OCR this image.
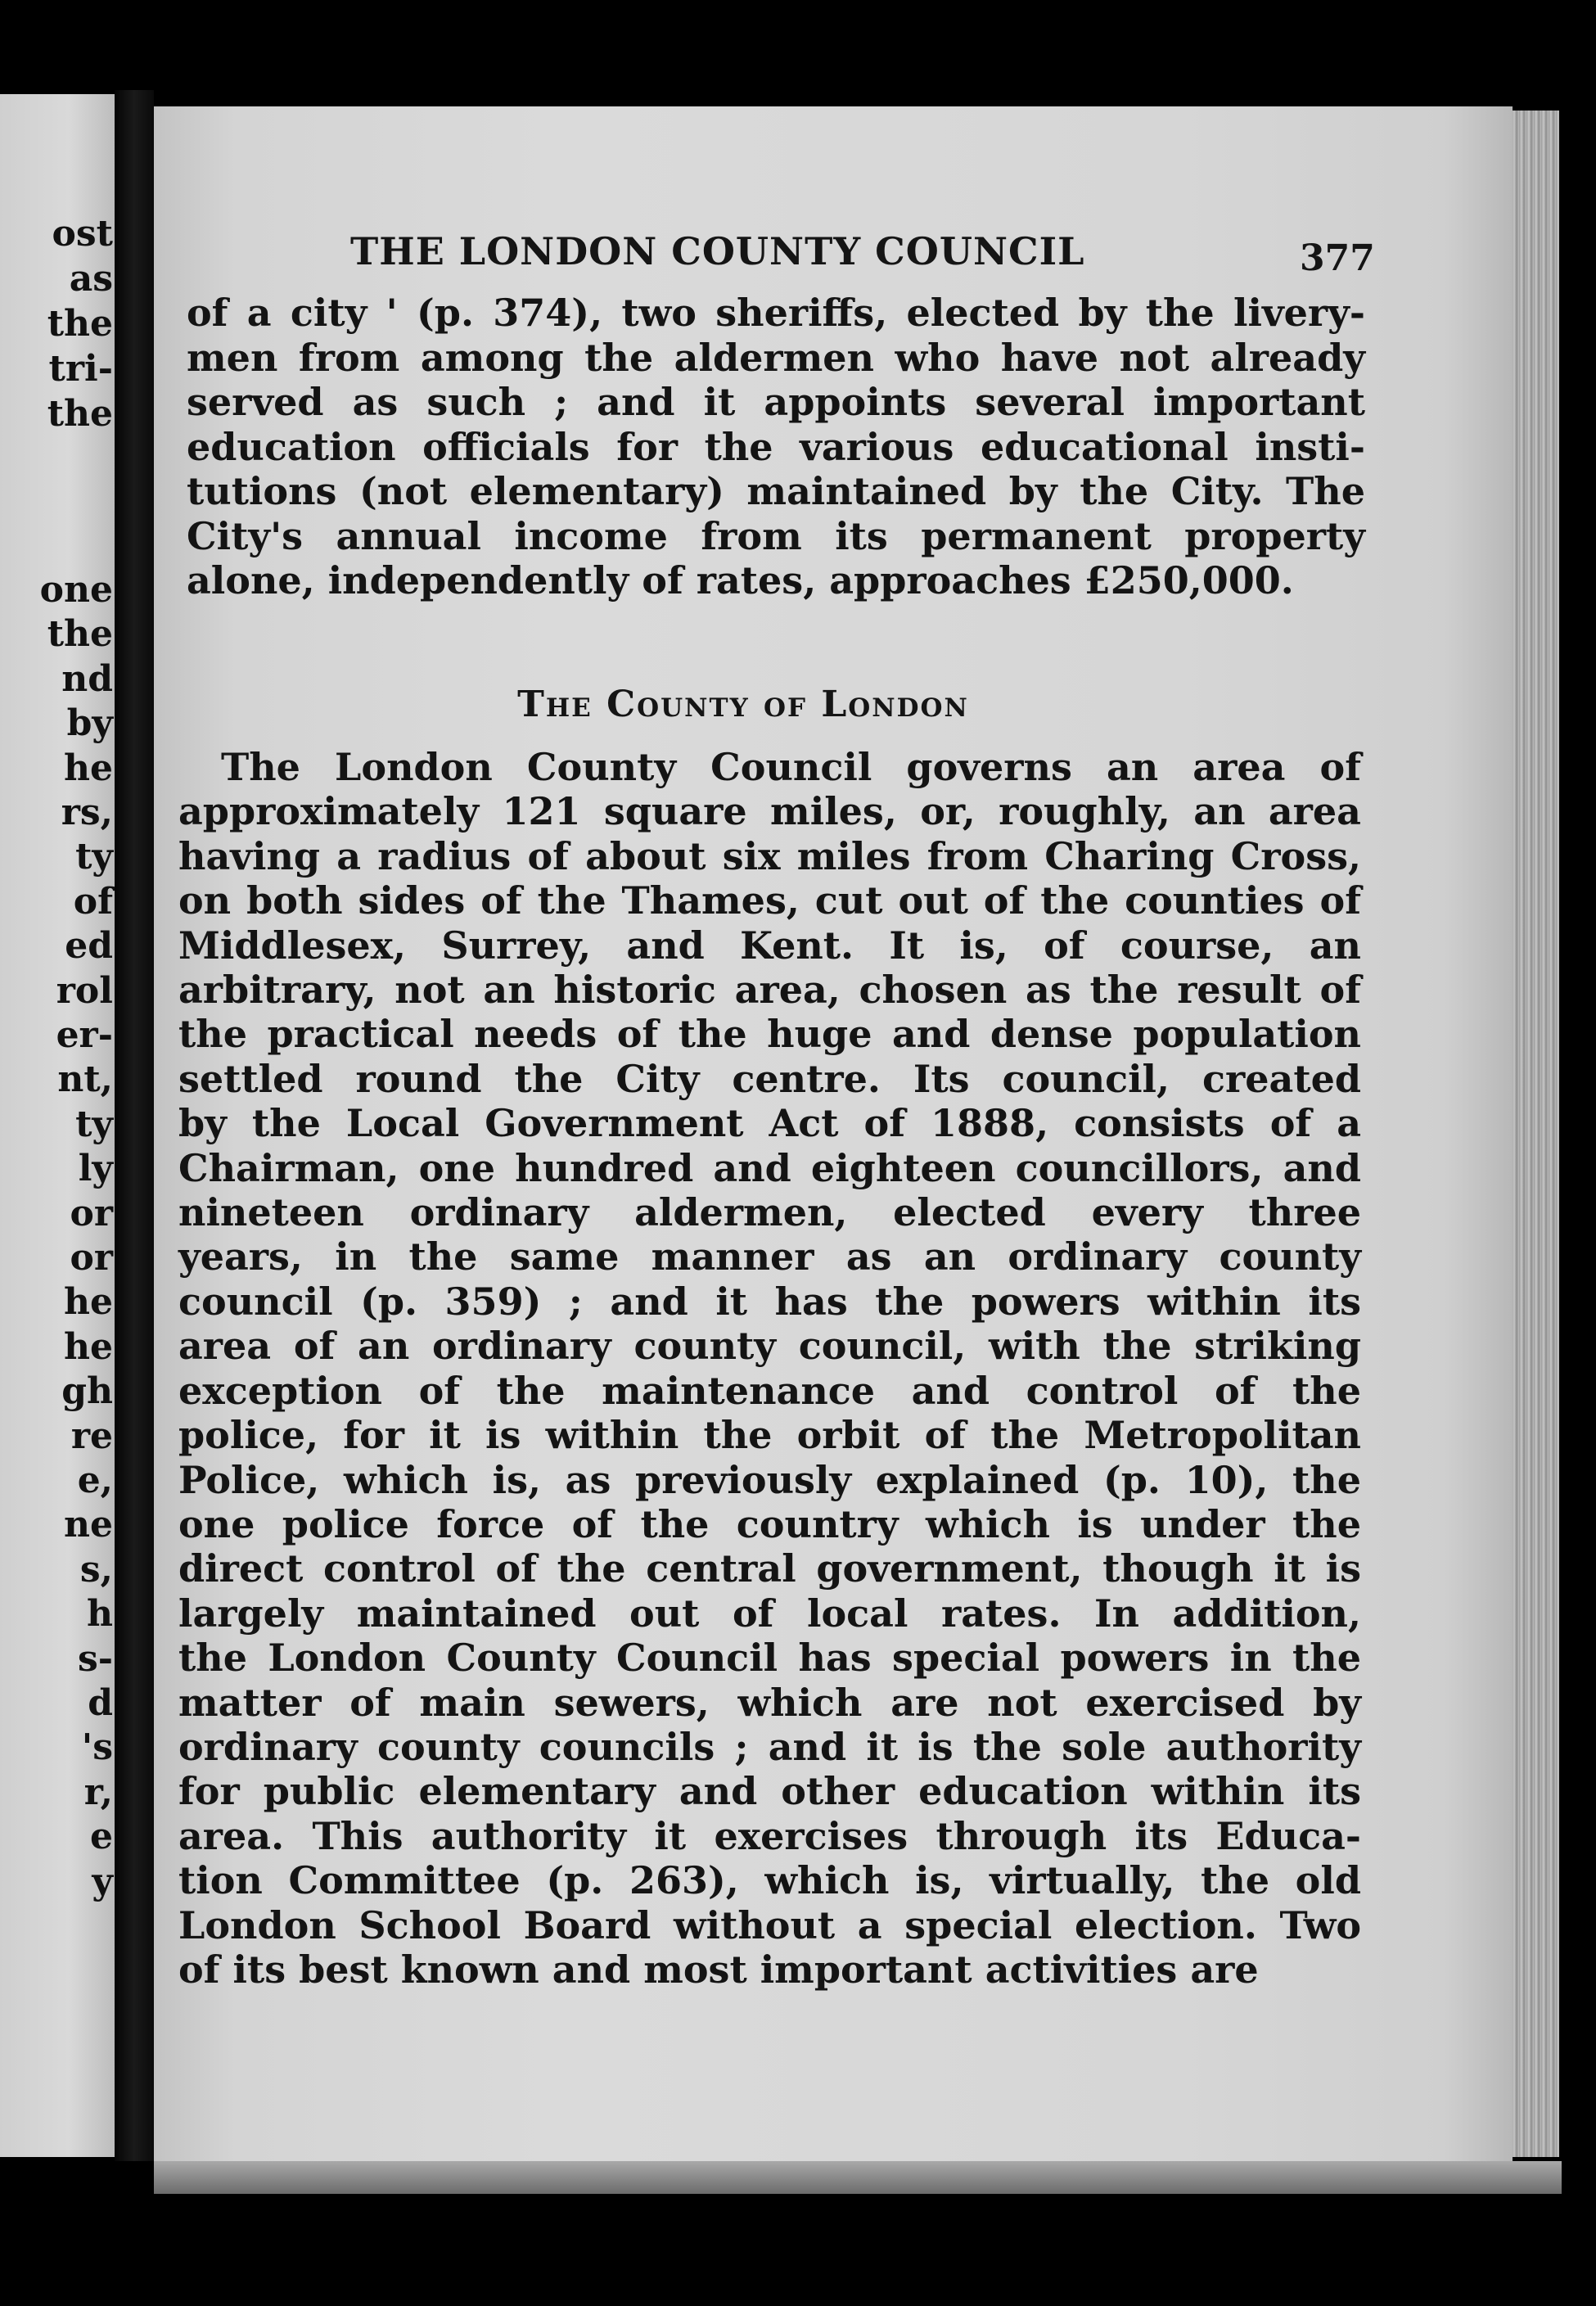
ost
as
the
tri-
the
one
the
nd
by
he
rs,
ty
of
ed
rol
er-
nt,
ty
ly
or
or
he
he
gh
re
e,
ne
s,
h
s-
d
's
r,
e
y
THE LONDON COUNTY COUNCIL	377
of a city ' (p. 374), two sheriffs, elected by the livery-
men from among the aldermen who have not already
served as such ; and it appoints several important
education officials for the various educational insti-
tutions (not elementary) maintained by the City. The
City's annual income from its permanent property
alone, independently of rates, approaches £250,000.
The County of London
The London County Council governs an area of
approximately 121 square miles, or, roughly, an area
having a radius of about six miles from Charing Cross,
on both sides of the Thames, cut out of the counties of
Middlesex, Surrey, and Kent. It is, of course, an
arbitrary, not an historic area, chosen as the result of
the practical needs of the huge and dense population
settled round the City centre. Its council, created
by the Local Government Act of 1888, consists of a
Chairman, one hundred and eighteen councillors, and
nineteen ordinary aldermen, elected every three
years, in the same manner as an ordinary county
council (p. 359) ; and it has the powers within its
area of an ordinary county council, with the striking
exception of the maintenance and control of the
police, for it is within the orbit of the Metropolitan
Police, which is, as previously explained (p. 10), the
one police force of the country which is under the
direct control of the central government, though it is
largely maintained out of local rates. In addition,
the London County Council has special powers in the
matter of main sewers, which are not exercised by
ordinary county councils ; and it is the sole authority
for public elementary and other education within its
area. This authority it exercises through its Educa-
tion Committee (p. 263), which is, virtually, the old
London School Board without a special election. Two
of its best known and most important activities are
